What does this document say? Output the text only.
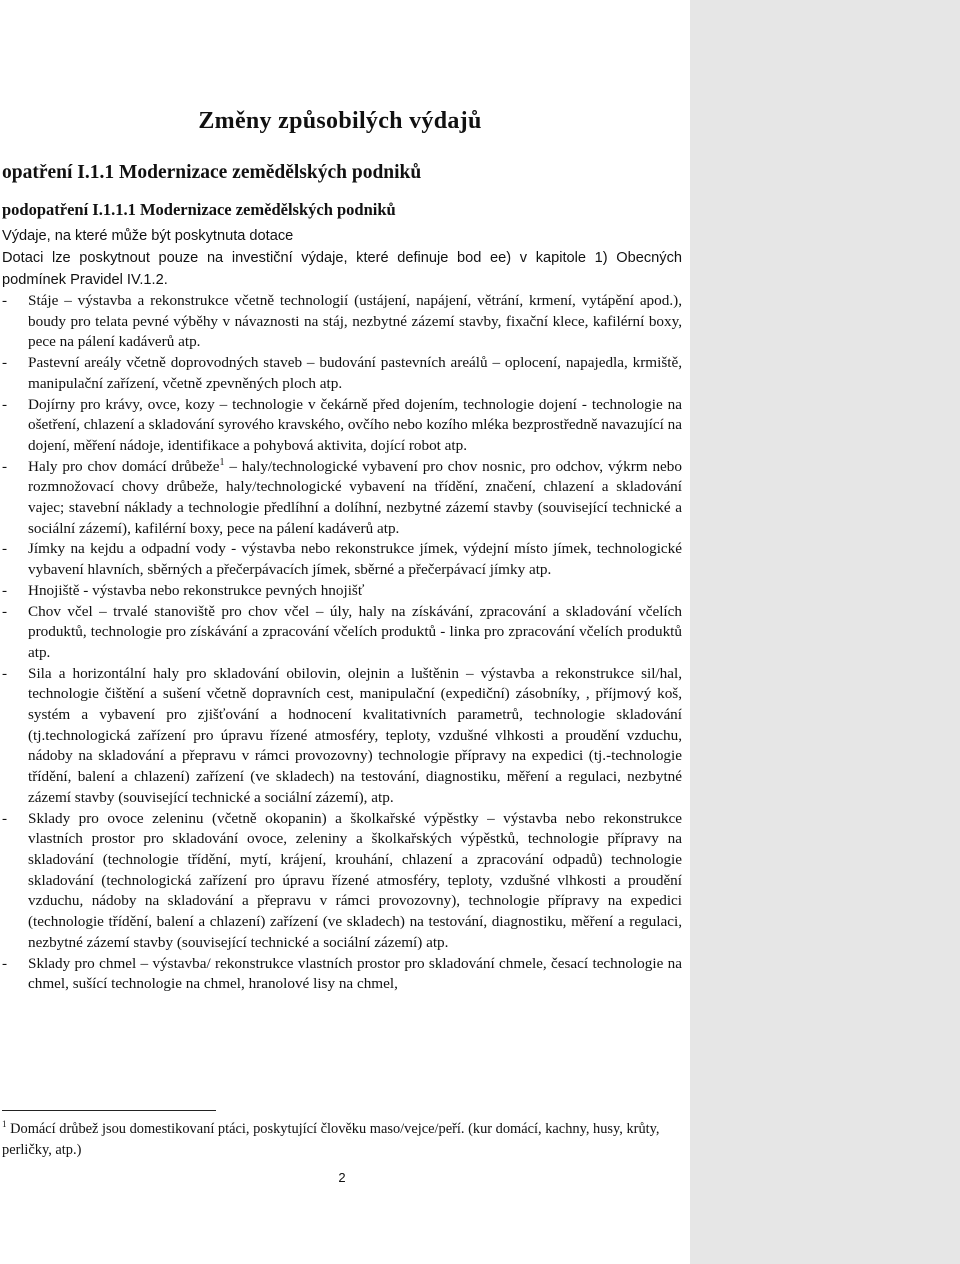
Změny způsobilých výdajů
opatření I.1.1 Modernizace zemědělských podniků
podopatření I.1.1.1 Modernizace zemědělských podniků
Výdaje, na které může být poskytnuta dotace
Dotaci lze poskytnout pouze na investiční výdaje, které definuje bod ee) v kapitole 1) Obecných podmínek Pravidel IV.1.2.
- Stáje – výstavba a rekonstrukce včetně technologií (ustájení, napájení, větrání, krmení, vytápění apod.), boudy pro telata pevné výběhy v návaznosti na stáj, nezbytné zázemí stavby, fixační klece, kafilérní boxy, pece na pálení kadáverů atp.
- Pastevní areály včetně doprovodných staveb – budování pastevních areálů – oplocení, napajedla, krmiště, manipulační zařízení, včetně zpevněných ploch atp.
- Dojírny pro krávy, ovce, kozy – technologie v čekárně před dojením, technologie dojení - technologie na ošetření, chlazení a skladování syrového kravského, ovčího nebo kozího mléka bezprostředně navazující na dojení, měření nádoje, identifikace a pohybová aktivita, dojící robot atp.
- Haly pro chov domácí drůbeže$^1$ – haly/technologické vybavení pro chov nosnic, pro odchov, výkrm nebo rozmnožovací chovy drůbeže, haly/technologické vybavení na třídění, značení, chlazení a skladování vajec; stavební náklady a technologie předlíhní a dolíhní, nezbytné zázemí stavby (související technické a sociální zázemí), kafilérní boxy, pece na pálení kadáverů atp.
- Jímky na kejdu a odpadní vody - výstavba nebo rekonstrukce jímek, výdejní místo jímek, technologické vybavení hlavních, sběrných a přečerpávacích jímek, sběrné a přečerpávací jímky atp.
- Hnojiště - výstavba nebo rekonstrukce pevných hnojišť
- Chov včel – trvalé stanoviště pro chov včel – úly, haly na získávání, zpracování a skladování včelích produktů, technologie pro získávání a zpracování včelích produktů - linka pro zpracování včelích produktů atp.
- Sila a horizontální haly pro skladování obilovin, olejnin a luštěnin – výstavba a rekonstrukce sil/hal, technologie čištění a sušení včetně dopravních cest, manipulační (expediční) zásobníky, , příjmový koš, systém a vybavení pro zjišťování a hodnocení kvalitativních parametrů, technologie skladování (tj.technologická zařízení pro úpravu řízené atmosféry, teploty, vzdušné vlhkosti a proudění vzduchu, nádoby na skladování a přepravu v rámci provozovny) technologie přípravy na expedici (tj.-technologie třídění, balení a chlazení) zařízení (ve skladech) na testování, diagnostiku, měření a regulaci, nezbytné zázemí stavby (související technické a sociální zázemí), atp.
- Sklady pro ovoce zeleninu (včetně okopanin) a školkařské výpěstky – výstavba nebo rekonstrukce vlastních prostor pro skladování ovoce, zeleniny a školkařských výpěstků, technologie přípravy na skladování (technologie třídění, mytí, krájení, krouhání, chlazení a zpracování odpadů) technologie skladování (technologická zařízení pro úpravu řízené atmosféry, teploty, vzdušné vlhkosti a proudění vzduchu, nádoby na skladování a přepravu v rámci provozovny), technologie přípravy na expedici (technologie třídění, balení a chlazení) zařízení (ve skladech) na testování, diagnostiku, měření a regulaci, nezbytné zázemí stavby (související technické a sociální zázemí) atp.
- Sklady pro chmel – výstavba/ rekonstrukce vlastních prostor pro skladování chmele, česací technologie na chmel, sušící technologie na chmel, hranolové lisy na chmel,
$^1$ Domácí drůbež jsou domestikovaní ptáci, poskytující člověku maso/vejce/peří. (kur domácí, kachny, husy, krůty, perličky, atp.)
2
